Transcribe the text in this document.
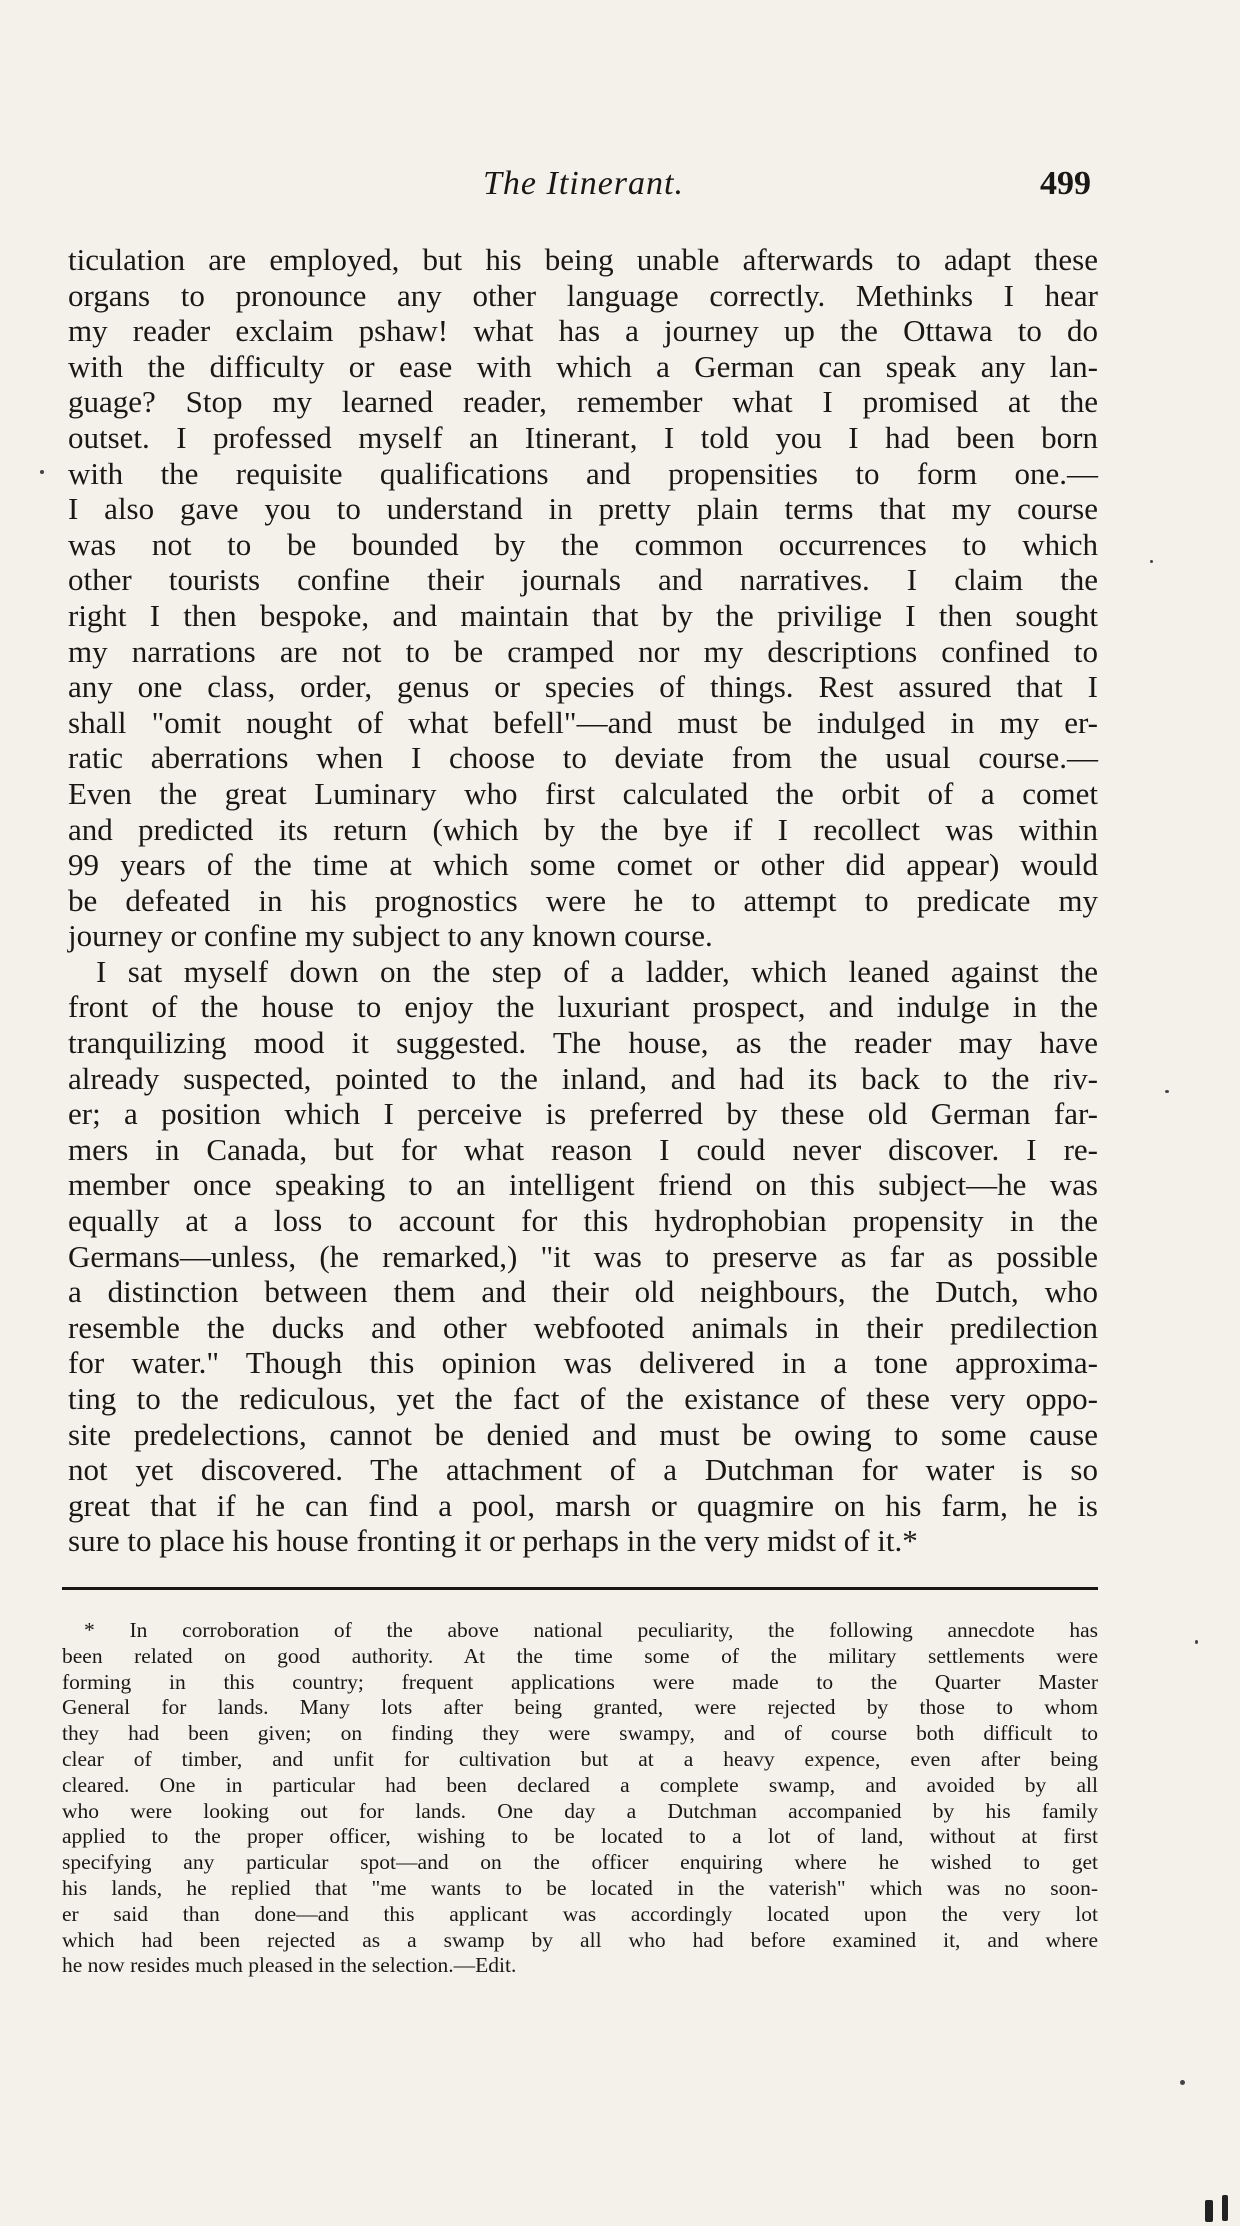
The Itinerant.	499
ticulation are employed, but his being unable afterwards to adapt these
organs to pronounce any other language correctly. Methinks I hear
my reader exclaim pshaw! what has a journey up the Ottawa to do
with the difficulty or ease with which a German can speak any lan-
guage? Stop my learned reader, remember what I promised at the
outset. I professed myself an Itinerant, I told you I had been born
with the requisite qualifications and propensities to form one.—
I also gave you to understand in pretty plain terms that my course
was not to be bounded by the common occurrences to which
other tourists confine their journals and narratives. I claim the
right I then bespoke, and maintain that by the privilige I then sought
my narrations are not to be cramped nor my descriptions confined to
any one class, order, genus or species of things. Rest assured that I
shall "omit nought of what befell"—and must be indulged in my er-
ratic aberrations when I choose to deviate from the usual course.—
Even the great Luminary who first calculated the orbit of a comet
and predicted its return (which by the bye if I recollect was within
99 years of the time at which some comet or other did appear) would
be defeated in his prognostics were he to attempt to predicate my
journey or confine my subject to any known course.
I sat myself down on the step of a ladder, which leaned against the
front of the house to enjoy the luxuriant prospect, and indulge in the
tranquilizing mood it suggested. The house, as the reader may have
already suspected, pointed to the inland, and had its back to the riv-
er; a position which I perceive is preferred by these old German far-
mers in Canada, but for what reason I could never discover. I re-
member once speaking to an intelligent friend on this subject—he was
equally at a loss to account for this hydrophobian propensity in the
Germans—unless, (he remarked,) "it was to preserve as far as possible
a distinction between them and their old neighbours, the Dutch, who
resemble the ducks and other webfooted animals in their predilection
for water." Though this opinion was delivered in a tone approxima-
ting to the rediculous, yet the fact of the existance of these very oppo-
site predelections, cannot be denied and must be owing to some cause
not yet discovered. The attachment of a Dutchman for water is so
great that if he can find a pool, marsh or quagmire on his farm, he is
sure to place his house fronting it or perhaps in the very midst of it.*
* In corroboration of the above national peculiarity, the following annecdote has
been related on good authority. At the time some of the military settlements were
forming in this country; frequent applications were made to the Quarter Master
General for lands. Many lots after being granted, were rejected by those to whom
they had been given; on finding they were swampy, and of course both difficult to
clear of timber, and unfit for cultivation but at a heavy expence, even after being
cleared. One in particular had been declared a complete swamp, and avoided by all
who were looking out for lands. One day a Dutchman accompanied by his family
applied to the proper officer, wishing to be located to a lot of land, without at first
specifying any particular spot—and on the officer enquiring where he wished to get
his lands, he replied that "me wants to be located in the vaterish" which was no soon-
er said than done—and this applicant was accordingly located upon the very lot
which had been rejected as a swamp by all who had before examined it, and where
he now resides much pleased in the selection.—Edit.
